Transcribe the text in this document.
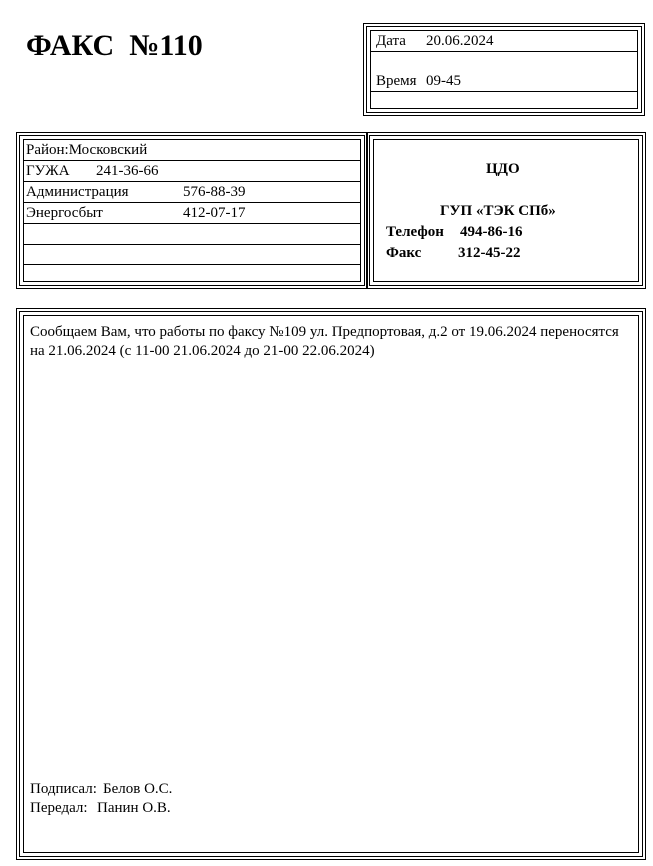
ФАКС  №110	Дата 20.06.2024
Время 09-45
Район:Московский
ГУЖА 241-36-66
Администрация	576-88-39
Энергосбыт	412-07-17
ЦДО
ГУП «ТЭК СПб»
Телефон 494-86-16
Факс 312-45-22
Сообщаем Вам, что работы по факсу №109 ул. Предпортовая, д.2 от 19.06.2024 переносятся на 21.06.2024 (с 11-00 21.06.2024 до 21-00 22.06.2024)
Подписал: Белов О.С.
Передал: Панин О.В.
